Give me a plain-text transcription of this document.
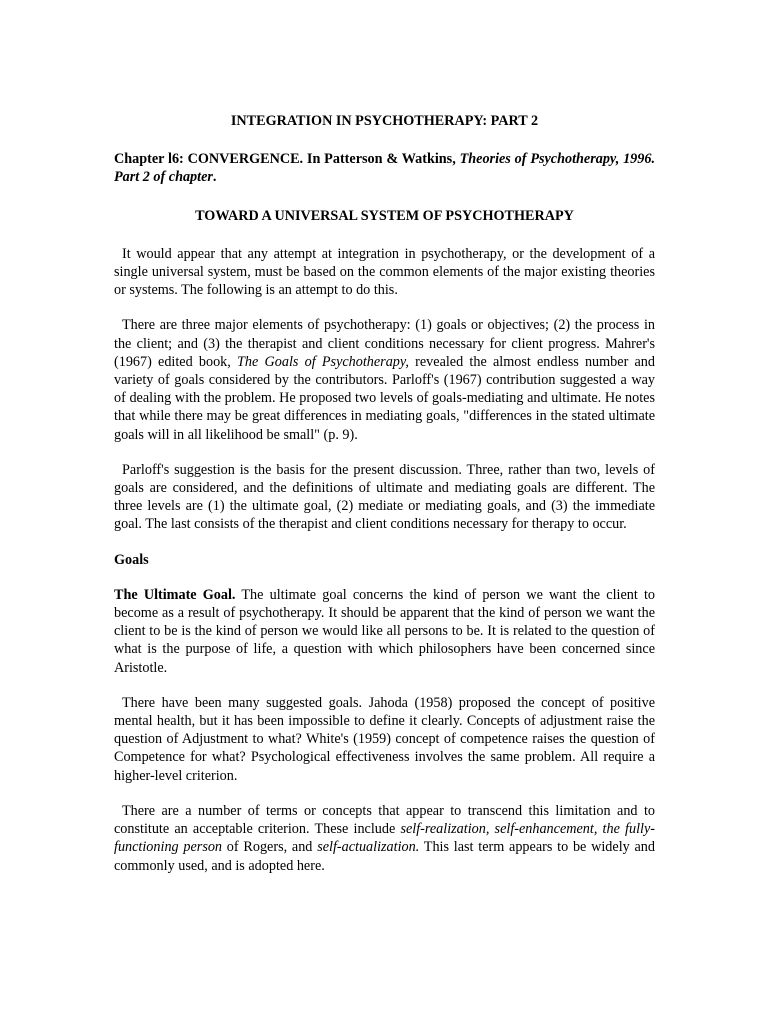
INTEGRATION IN PSYCHOTHERAPY: PART 2
Chapter l6: CONVERGENCE. In Patterson & Watkins, Theories of Psychotherapy, 1996. Part 2 of chapter.
TOWARD A UNIVERSAL SYSTEM OF PSYCHOTHERAPY

It would appear that any attempt at integration in psychotherapy, or the development of a single universal system, must be based on the common elements of the major existing theories or systems. The following is an attempt to do this.

There are three major elements of psychotherapy: (1) goals or objectives; (2) the process in the client; and (3) the therapist and client conditions necessary for client progress. Mahrer's (1967) edited book, The Goals of Psychotherapy, revealed the almost endless number and variety of goals considered by the contributors. Parloff's (1967) contribution suggested a way of dealing with the problem. He proposed two levels of goals-mediating and ultimate. He notes that while there may be great differences in mediating goals, "differences in the stated ultimate goals will in all likelihood be small" (p. 9).

Parloff's suggestion is the basis for the present discussion. Three, rather than two, levels of goals are considered, and the definitions of ultimate and mediating goals are different. The three levels are (1) the ultimate goal, (2) mediate or mediating goals, and (3) the immediate goal. The last consists of the therapist and client conditions necessary for therapy to occur.

Goals

The Ultimate Goal. The ultimate goal concerns the kind of person we want the client to become as a result of psychotherapy. It should be apparent that the kind of person we want the client to be is the kind of person we would like all persons to be. It is related to the question of what is the purpose of life, a question with which philosophers have been concerned since Aristotle.

There have been many suggested goals. Jahoda (1958) proposed the concept of positive mental health, but it has been impossible to define it clearly. Concepts of adjustment raise the question of Adjustment to what? White's (1959) concept of competence raises the question of Competence for what? Psychological effectiveness involves the same problem. All require a higher-level criterion.

There are a number of terms or concepts that appear to transcend this limitation and to constitute an acceptable criterion. These include self-realization, self-enhancement, the fully- functioning person of Rogers, and self-actualization. This last term appears to be widely and commonly used, and is adopted here.
